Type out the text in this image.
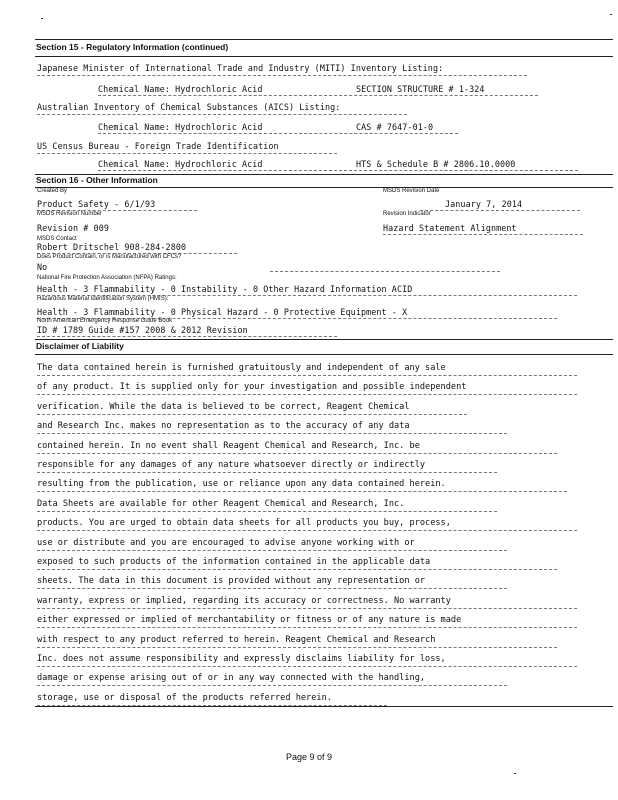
Section 15 - Regulatory Information (continued)
Japanese Minister of International Trade and Industry (MITI) Inventory Listing:
Chemical Name: Hydrochloric Acid	SECTION STRUCTURE # 1-324
Australian Inventory of Chemical Substances (AICS) Listing:
Chemical Name: Hydrochloric Acid	CAS # 7647-01-0
US Census Bureau - Foreign Trade Identification
Chemical Name: Hydrochloric Acid	HTS & Schedule B # 2806.10.0000
Section 16 - Other Information
Created By	MSDS Revision Date
Product Safety - 6/1/93	January 7, 2014
MSDS Revision Number	Revision Indicator
Revision # 009	Hazard Statement Alignment
MSDS Contact
Robert Dritschel 908-284-2800
Does Product Contain, or is Manufactured with CFCs?
No
National Fire Protection Association (NFPA) Ratings:
Health - 3 Flammability - 0 Instability - 0 Other Hazard Information ACID
Hazardous Material Identification System (HMIS):
Health - 3 Flammability - 0 Physical Hazard - 0 Protective Equipment - X
North American Emergency Response Guide Book
ID # 1789 Guide #157 2008 & 2012 Revision
Disclaimer of Liability
The data contained herein is furnished gratuitously and independent of any sale
of any product. It is supplied only for your investigation and possible independent
verification. While the data is believed to be correct, Reagent Chemical
and Research Inc. makes no representation as to the accuracy of any data
contained herein. In no event shall Reagent Chemical and Research, Inc. be
responsible for any damages of any nature whatsoever directly or indirectly
resulting from the publication, use or reliance upon any data contained herein.
Data Sheets are available for other Reagent Chemical and Research, Inc.
products. You are urged to obtain data sheets for all products you buy, process,
use or distribute and you are encouraged to advise anyone working with or
exposed to such products of the information contained in the applicable data
sheets. The data in this document is provided without any representation or
warranty, express or implied, regarding its accuracy or correctness. No warranty
either expressed or implied of merchantability or fitness or of any nature is made
with respect to any product referred to herein. Reagent Chemical and Research
Inc. does not assume responsibility and expressly disclaims liability for loss,
damage or expense arising out of or in any way connected with the handling,
storage, use or disposal of the products referred herein.
Page 9 of 9
